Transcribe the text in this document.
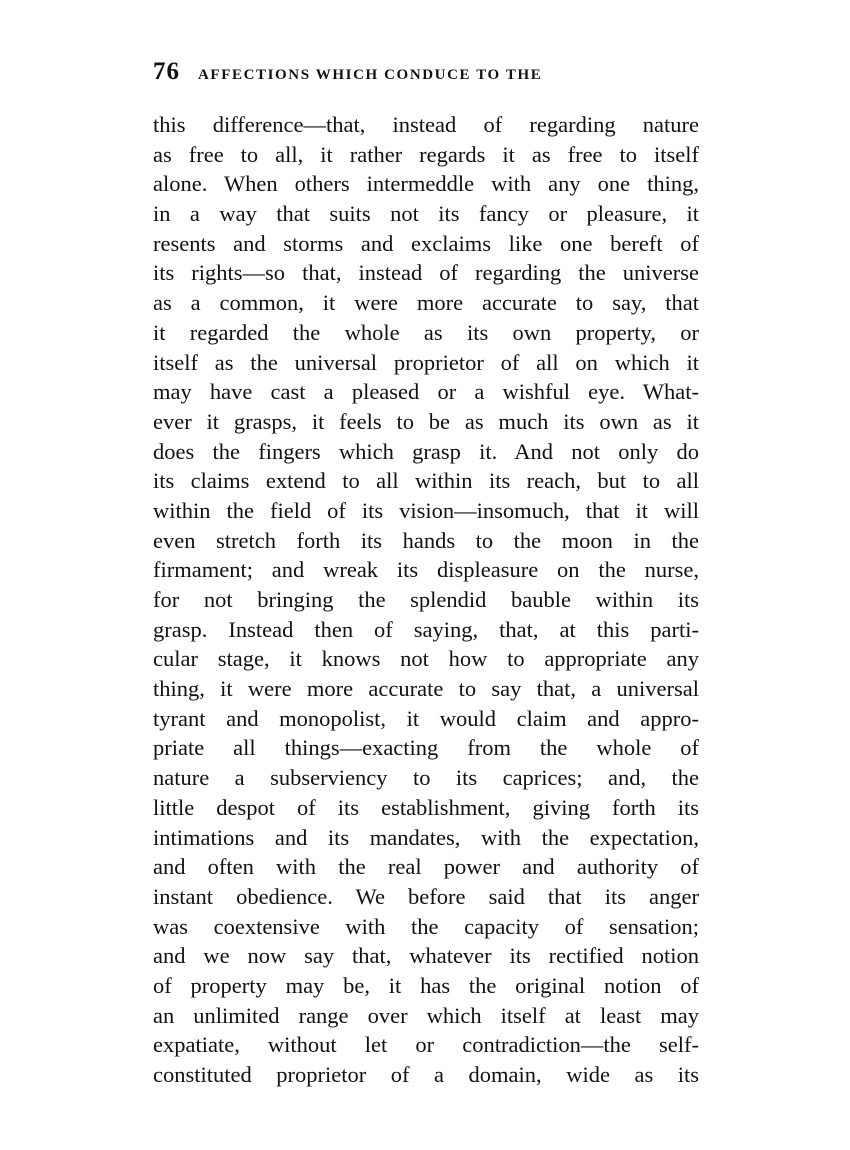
76 AFFECTIONS WHICH CONDUCE TO THE
this difference—that, instead of regarding nature
as free to all, it rather regards it as free to itself
alone. When others intermeddle with any one thing,
in a way that suits not its fancy or pleasure, it
resents and storms and exclaims like one bereft of
its rights—so that, instead of regarding the universe
as a common, it were more accurate to say, that
it regarded the whole as its own property, or
itself as the universal proprietor of all on which it
may have cast a pleased or a wishful eye. What-
ever it grasps, it feels to be as much its own as it
does the fingers which grasp it. And not only do
its claims extend to all within its reach, but to all
within the field of its vision—insomuch, that it will
even stretch forth its hands to the moon in the
firmament; and wreak its displeasure on the nurse,
for not bringing the splendid bauble within its
grasp. Instead then of saying, that, at this parti-
cular stage, it knows not how to appropriate any
thing, it were more accurate to say that, a universal
tyrant and monopolist, it would claim and appro-
priate all things—exacting from the whole of
nature a subserviency to its caprices; and, the
little despot of its establishment, giving forth its
intimations and its mandates, with the expectation,
and often with the real power and authority of
instant obedience. We before said that its anger
was coextensive with the capacity of sensation;
and we now say that, whatever its rectified notion
of property may be, it has the original notion of
an unlimited range over which itself at least may
expatiate, without let or contradiction—the self-
constituted proprietor of a domain, wide as its
